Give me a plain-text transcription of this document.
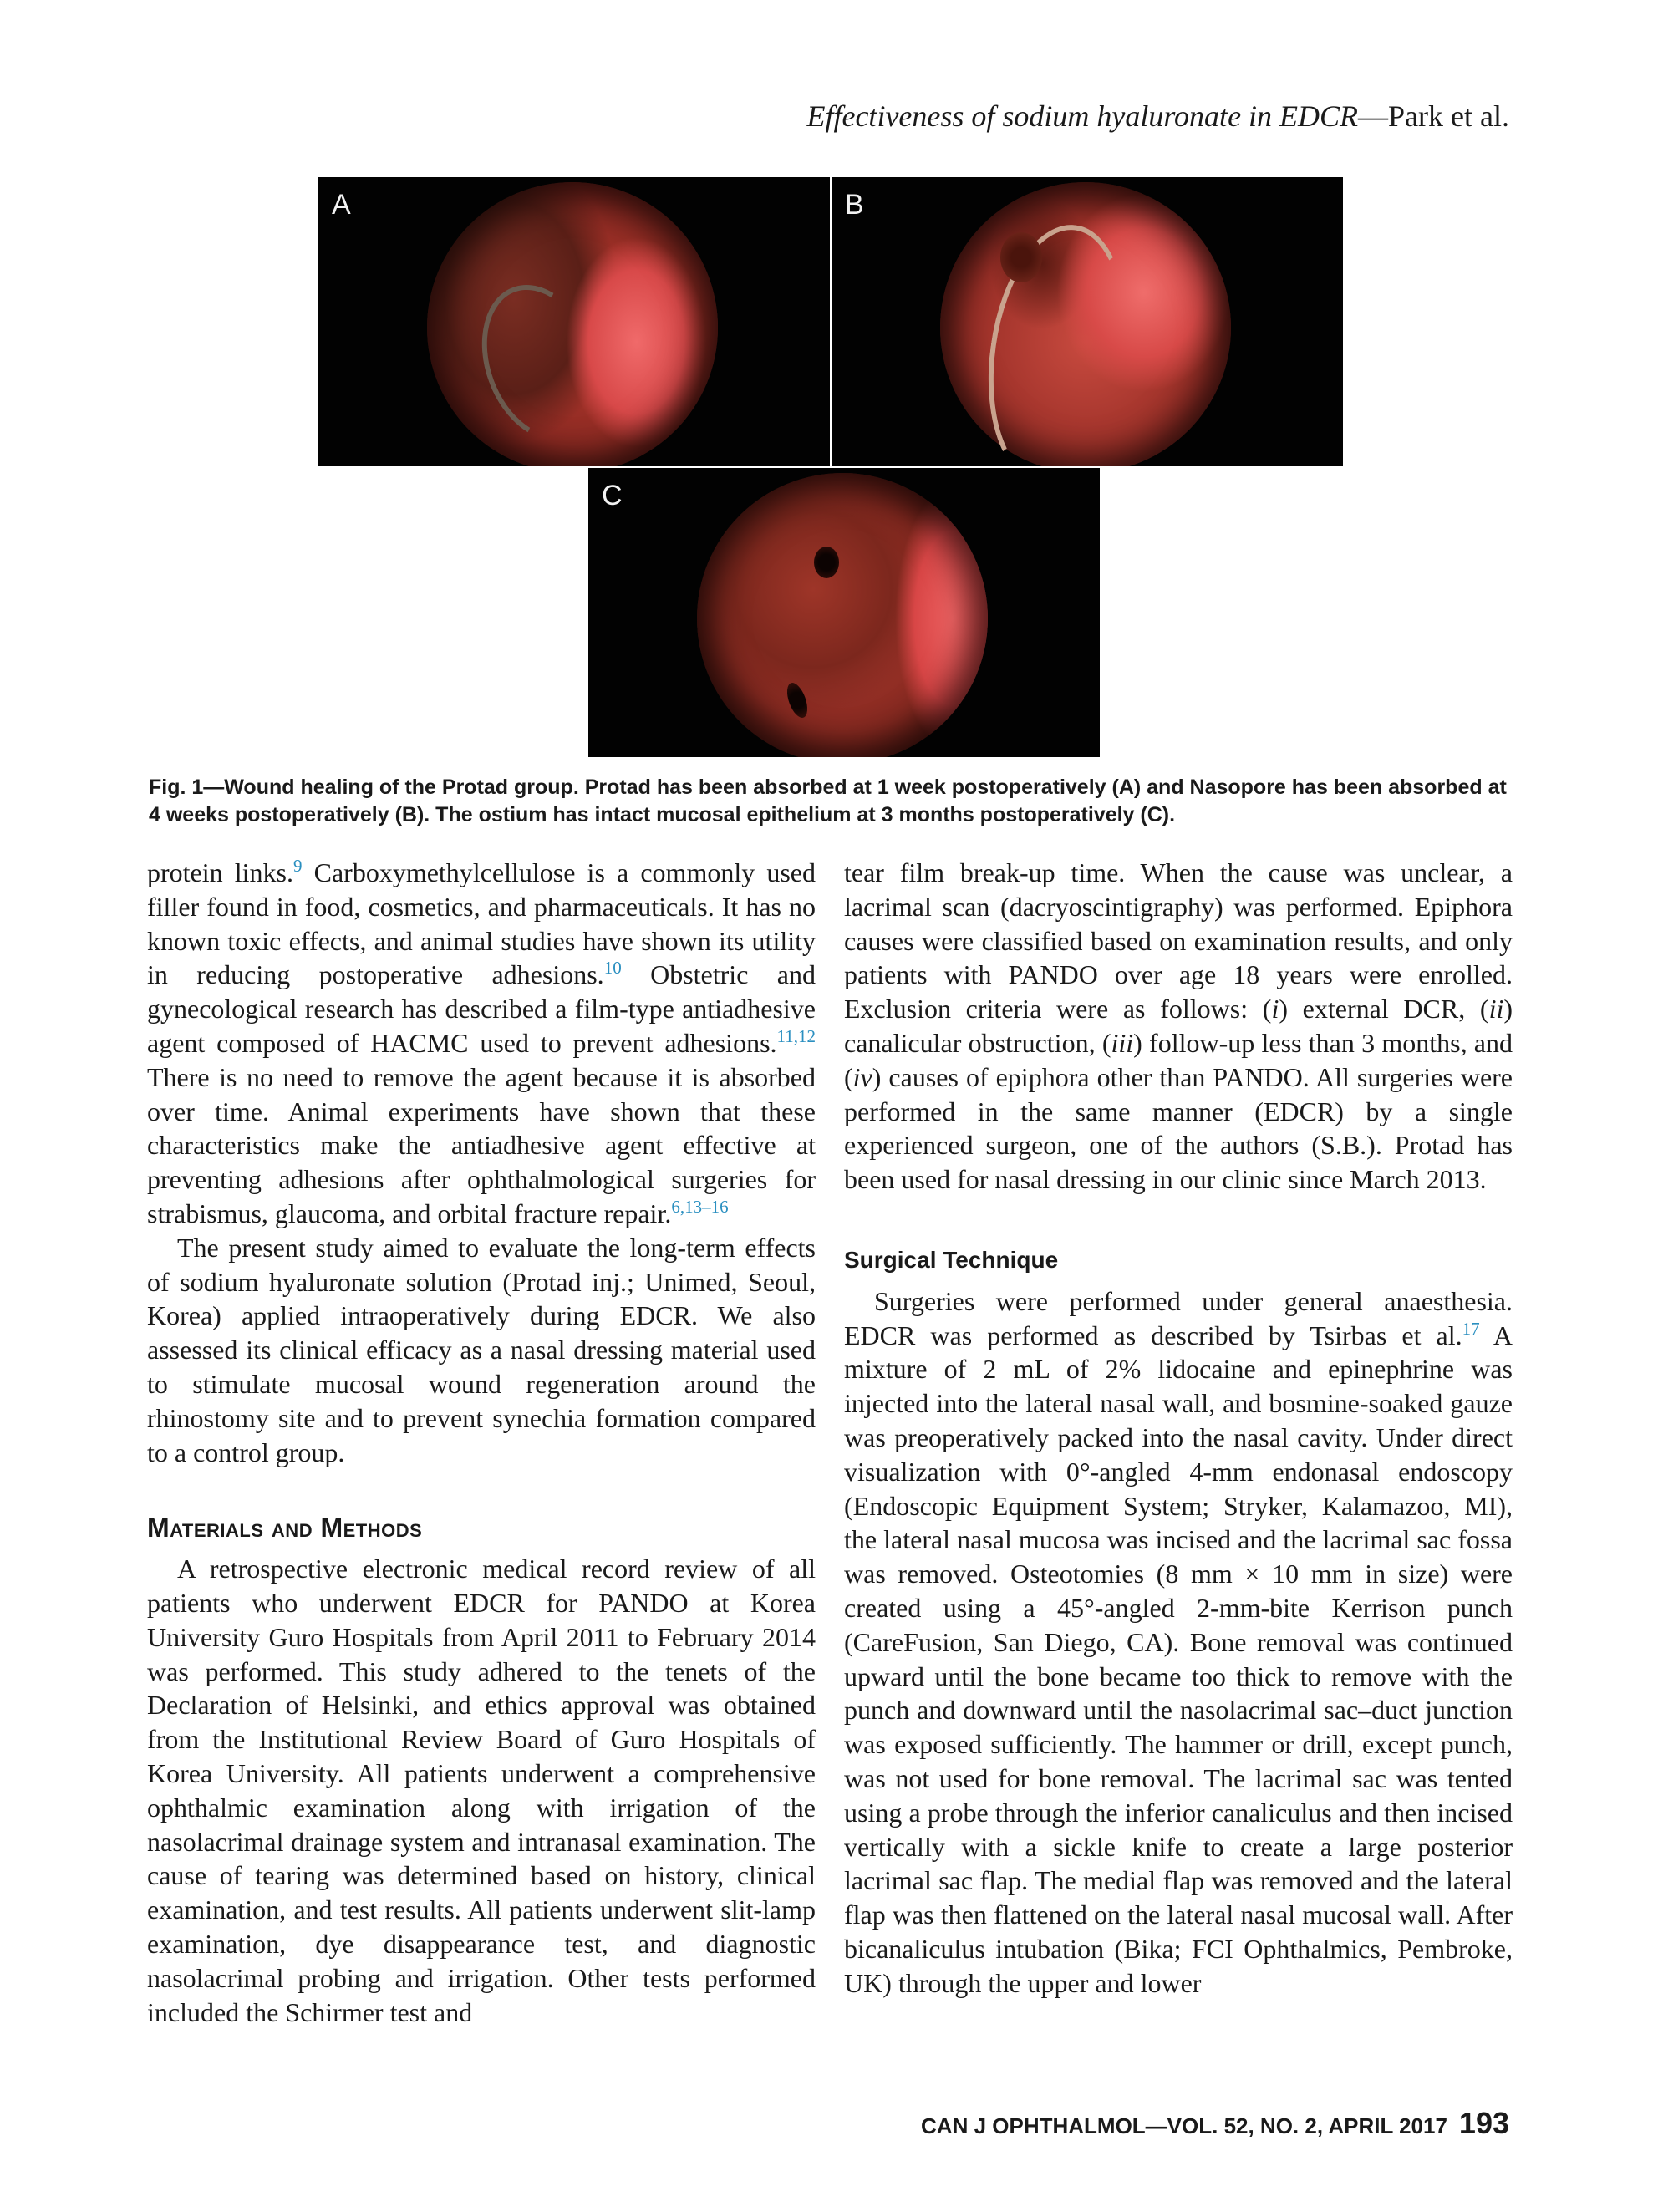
Effectiveness of sodium hyaluronate in EDCR—Park et al.
A	B
C
Fig. 1—Wound healing of the Protad group. Protad has been absorbed at 1 week postoperatively (A) and Nasopore has been absorbed at 4 weeks postoperatively (B). The ostium has intact mucosal epithelium at 3 months postoperatively (C).

protein links.$^9$ Carboxymethylcellulose is a commonly used filler found in food, cosmetics, and pharmaceuticals. It has no known toxic effects, and animal studies have shown its utility in reducing postoperative adhesions.$^{10}$ Obstetric and gynecological research has described a film-type antiadhesive agent composed of HACMC used to prevent adhesions.$^{11,12}$ There is no need to remove the agent because it is absorbed over time. Animal experiments have shown that these characteristics make the antiadhesive agent effective at preventing adhesions after ophthalmological surgeries for strabismus, glaucoma, and orbital fracture repair.$^{6,13-16}$

The present study aimed to evaluate the long-term effects of sodium hyaluronate solution (Protad inj.; Unimed, Seoul, Korea) applied intraoperatively during EDCR. We also assessed its clinical efficacy as a nasal dressing material used to stimulate mucosal wound regeneration around the rhinostomy site and to prevent synechia formation compared to a control group.

Materials and Methods

A retrospective electronic medical record review of all patients who underwent EDCR for PANDO at Korea University Guro Hospitals from April 2011 to February 2014 was performed. This study adhered to the tenets of the Declaration of Helsinki, and ethics approval was obtained from the Institutional Review Board of Guro Hospitals of Korea University. All patients underwent a comprehensive ophthalmic examination along with irrigation of the nasolacrimal drainage system and intranasal examination. The cause of tearing was determined based on history, clinical examination, and test results. All patients underwent slit-lamp examination, dye disappearance test, and diagnostic nasolacrimal probing and irrigation. Other tests performed included the Schirmer test and

tear film break-up time. When the cause was unclear, a lacrimal scan (dacryoscintigraphy) was performed. Epiphora causes were classified based on examination results, and only patients with PANDO over age 18 years were enrolled. Exclusion criteria were as follows: (i) external DCR, (ii) canalicular obstruction, (iii) follow-up less than 3 months, and (iv) causes of epiphora other than PANDO. All surgeries were performed in the same manner (EDCR) by a single experienced surgeon, one of the authors (S.B.). Protad has been used for nasal dressing in our clinic since March 2013.

Surgical Technique

Surgeries were performed under general anaesthesia. EDCR was performed as described by Tsirbas et al.$^{17}$ A mixture of 2 mL of 2% lidocaine and epinephrine was injected into the lateral nasal wall, and bosmine-soaked gauze was preoperatively packed into the nasal cavity. Under direct visualization with 0°-angled 4-mm endonasal endoscopy (Endoscopic Equipment System; Stryker, Kalamazoo, MI), the lateral nasal mucosa was incised and the lacrimal sac fossa was removed. Osteotomies (8 mm × 10 mm in size) were created using a 45°-angled 2-mm-bite Kerrison punch (CareFusion, San Diego, CA). Bone removal was continued upward until the bone became too thick to remove with the punch and downward until the nasolacrimal sac–duct junction was exposed sufficiently. The hammer or drill, except punch, was not used for bone removal. The lacrimal sac was tented using a probe through the inferior canaliculus and then incised vertically with a sickle knife to create a large posterior lacrimal sac flap. The medial flap was removed and the lateral flap was then flattened on the lateral nasal mucosal wall. After bicanaliculus intubation (Bika; FCI Ophthalmics, Pembroke, UK) through the upper and lower

CAN J OPHTHALMOL—VOL. 52, NO. 2, APRIL 2017 193
